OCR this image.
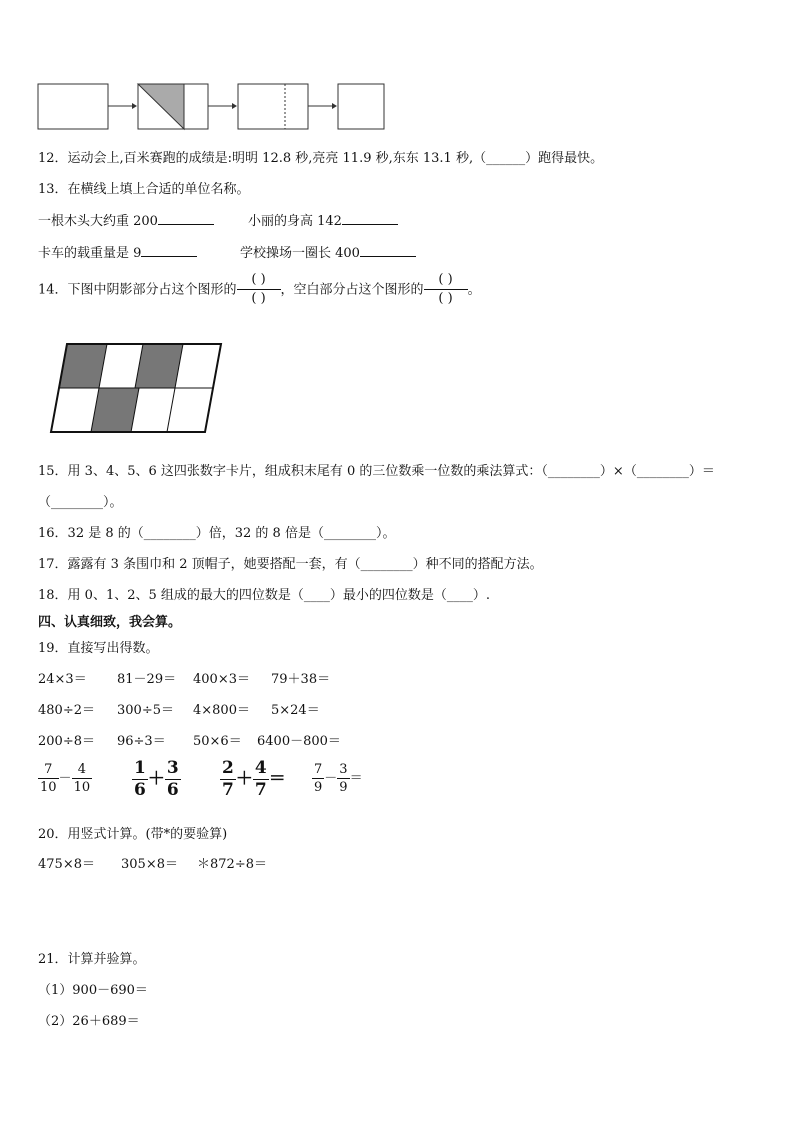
12．运动会上,百米赛跑的成绩是:明明 12.8 秒,亮亮 11.9 秒,东东 13.1 秒,（______）跑得最快。
13．在横线上填上合适的单位名称。
一根木头大约重 200	小丽的身高 142
卡车的载重量是 9	学校操场一圈长 400
14．下图中阴影部分占这个图形的 $\frac{( )}{( )}$ ，空白部分占这个图形的 $\frac{( )}{( )}$ 。
15．用 3、4、5、6 这四张数字卡片，组成积末尾有 0 的三位数乘一位数的乘法算式：（________）×（________）＝
（________）。
16．32 是 8 的（________）倍，32 的 8 倍是（________）。
17．露露有 3 条围巾和 2 顶帽子，她要搭配一套，有（________）种不同的搭配方法。
18．用 0、1、2、5 组成的最大的四位数是（____）最小的四位数是（____）.
四、认真细致，我会算。
19．直接写出得数。
24×3＝ 81－29＝ 400×3＝ 79＋38＝
480÷2＝ 300÷5＝ 4×800＝ 5×24＝
200÷8＝ 96÷3＝ 50×6＝ 6400－800＝
$\frac{7}{10} - \frac{4}{10} \frac{1}{6} + \frac{3}{6} \frac{2}{7} + \frac{4}{7} = \frac{7}{9} - \frac{3}{9}$ ＝
20．用竖式计算。(带*的要验算)
475×8＝ 305×8＝ ＊872÷8＝
21．计算并验算。
（1）900－690＝
（2）26＋689＝
